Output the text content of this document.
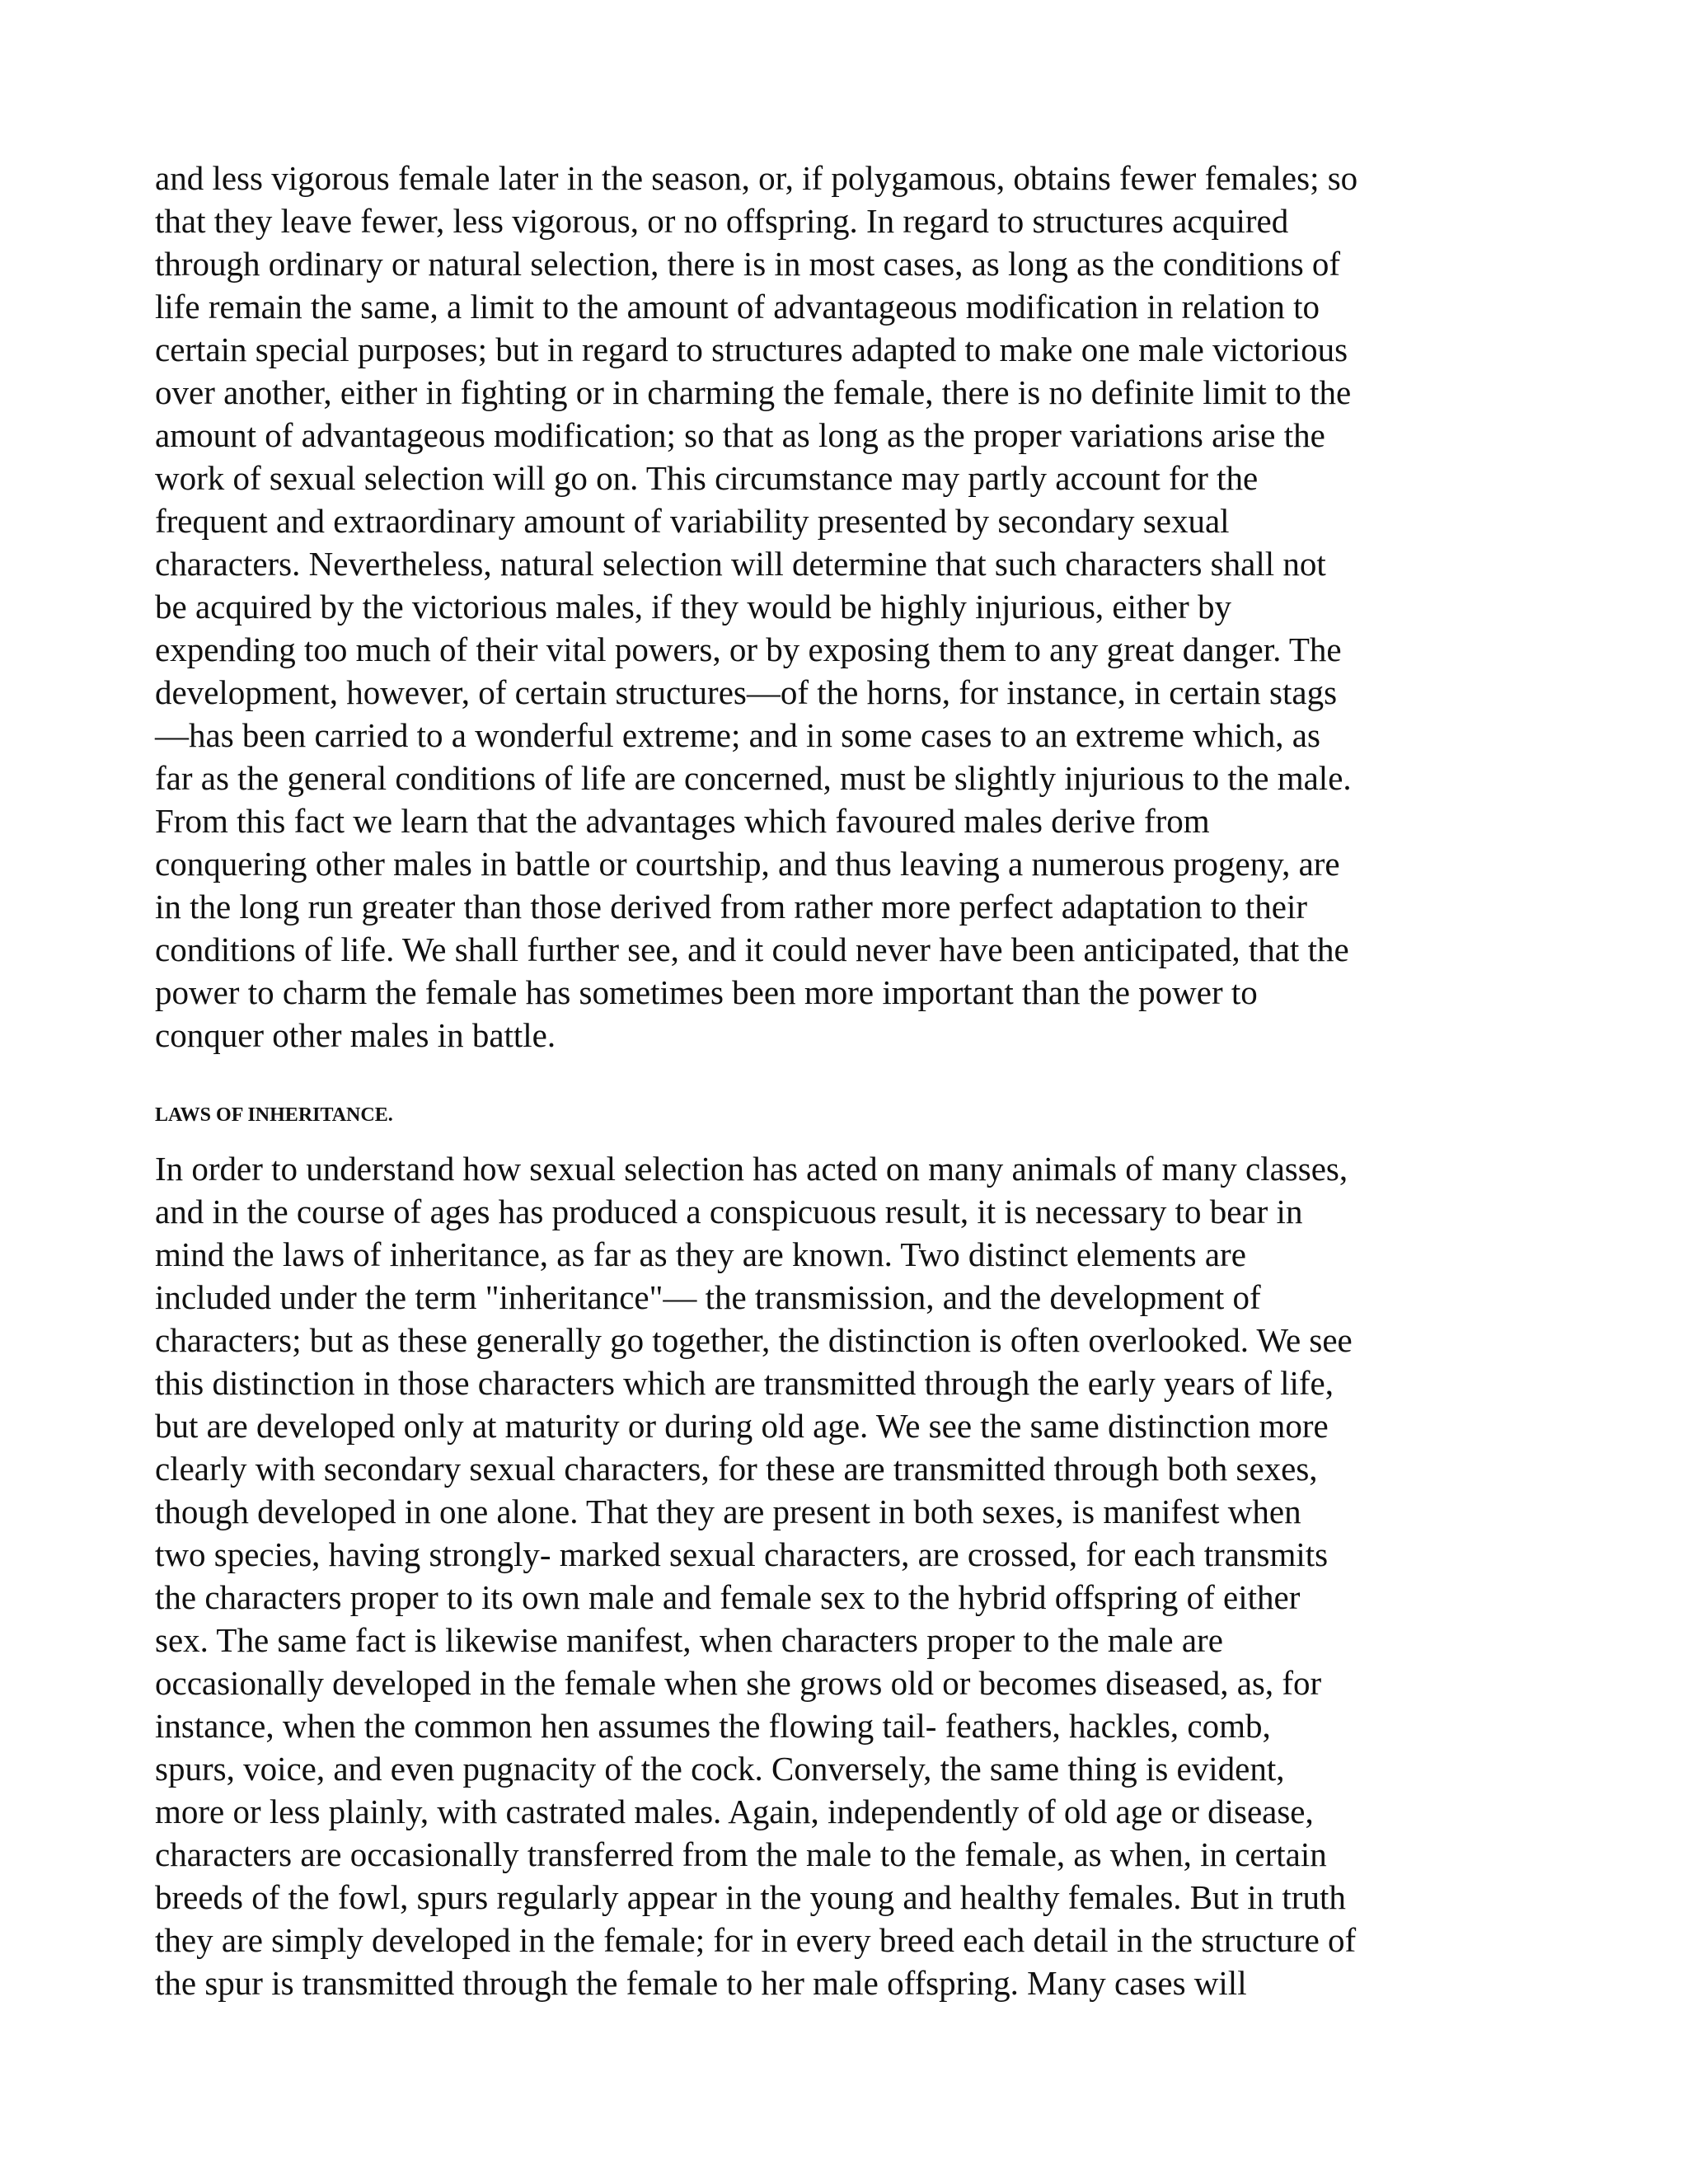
and less vigorous female later in the season, or, if polygamous, obtains fewer females; so
that they leave fewer, less vigorous, or no offspring. In regard to structures acquired
through ordinary or natural selection, there is in most cases, as long as the conditions of
life remain the same, a limit to the amount of advantageous modification in relation to
certain special purposes; but in regard to structures adapted to make one male victorious
over another, either in fighting or in charming the female, there is no definite limit to the
amount of advantageous modification; so that as long as the proper variations arise the
work of sexual selection will go on. This circumstance may partly account for the
frequent and extraordinary amount of variability presented by secondary sexual
characters. Nevertheless, natural selection will determine that such characters shall not
be acquired by the victorious males, if they would be highly injurious, either by
expending too much of their vital powers, or by exposing them to any great danger. The
development, however, of certain structures—of the horns, for instance, in certain stags
—has been carried to a wonderful extreme; and in some cases to an extreme which, as
far as the general conditions of life are concerned, must be slightly injurious to the male.
From this fact we learn that the advantages which favoured males derive from
conquering other males in battle or courtship, and thus leaving a numerous progeny, are
in the long run greater than those derived from rather more perfect adaptation to their
conditions of life. We shall further see, and it could never have been anticipated, that the
power to charm the female has sometimes been more important than the power to
conquer other males in battle.
LAWS OF INHERITANCE.
In order to understand how sexual selection has acted on many animals of many classes,
and in the course of ages has produced a conspicuous result, it is necessary to bear in
mind the laws of inheritance, as far as they are known. Two distinct elements are
included under the term "inheritance"— the transmission, and the development of
characters; but as these generally go together, the distinction is often overlooked. We see
this distinction in those characters which are transmitted through the early years of life,
but are developed only at maturity or during old age. We see the same distinction more
clearly with secondary sexual characters, for these are transmitted through both sexes,
though developed in one alone. That they are present in both sexes, is manifest when
two species, having strongly- marked sexual characters, are crossed, for each transmits
the characters proper to its own male and female sex to the hybrid offspring of either
sex. The same fact is likewise manifest, when characters proper to the male are
occasionally developed in the female when she grows old or becomes diseased, as, for
instance, when the common hen assumes the flowing tail- feathers, hackles, comb,
spurs, voice, and even pugnacity of the cock. Conversely, the same thing is evident,
more or less plainly, with castrated males. Again, independently of old age or disease,
characters are occasionally transferred from the male to the female, as when, in certain
breeds of the fowl, spurs regularly appear in the young and healthy females. But in truth
they are simply developed in the female; for in every breed each detail in the structure of
the spur is transmitted through the female to her male offspring. Many cases will
